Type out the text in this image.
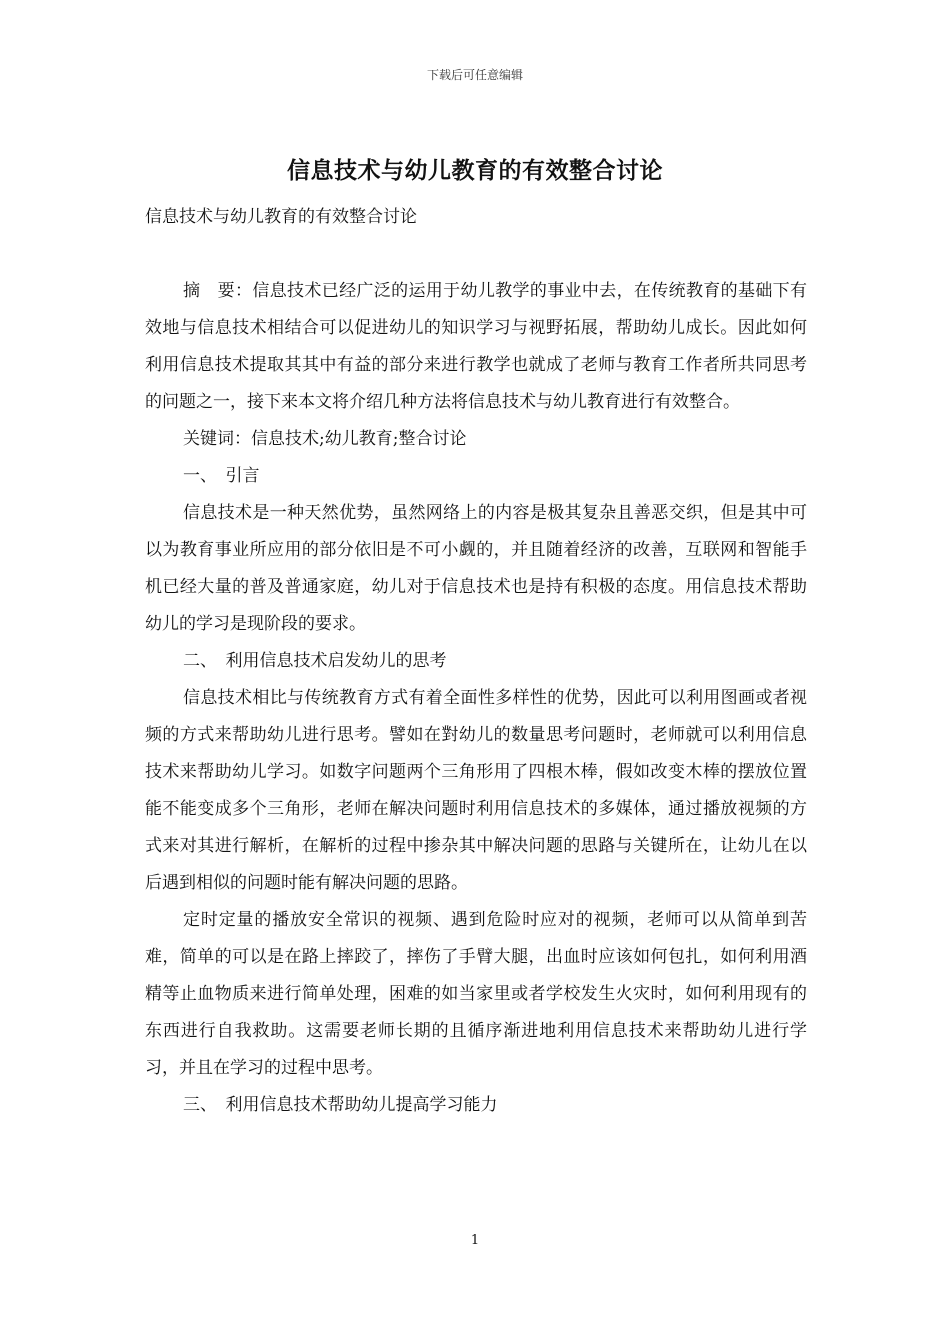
下载后可任意编辑
信息技术与幼儿教育的有效整合讨论

信息技术与幼儿教育的有效整合讨论

摘　要：信息技术已经广泛的运用于幼儿教学的事业中去，在传统教育的基础下有效地与信息技术相结合可以促进幼儿的知识学习与视野拓展，帮助幼儿成长。因此如何利用信息技术提取其其中有益的部分来进行教学也就成了老师与教育工作者所共同思考的问题之一，接下来本文将介绍几种方法将信息技术与幼儿教育进行有效整合。

关键词：信息技术;幼儿教育;整合讨论

一、　引言

信息技术是一种天然优势，虽然网络上的内容是极其复杂且善恶交织，但是其中可以为教育事业所应用的部分依旧是不可小觑的，并且随着经济的改善，互联网和智能手机已经大量的普及普通家庭，幼儿对于信息技术也是持有积极的态度。用信息技术帮助幼儿的学习是现阶段的要求。

二、　利用信息技术启发幼儿的思考

信息技术相比与传统教育方式有着全面性多样性的优势，因此可以利用图画或者视频的方式来帮助幼儿进行思考。譬如在對幼儿的数量思考问题时，老师就可以利用信息技术来帮助幼儿学习。如数字问题两个三角形用了四根木棒，假如改变木棒的摆放位置能不能变成多个三角形，老师在解决问题时利用信息技术的多媒体，通过播放视频的方式来对其进行解析，在解析的过程中掺杂其中解决问题的思路与关键所在，让幼儿在以后遇到相似的问题时能有解决问题的思路。

定时定量的播放安全常识的视频、遇到危险时应对的视频，老师可以从简单到苦难，简单的可以是在路上摔跤了，摔伤了手臂大腿，出血时应该如何包扎，如何利用酒精等止血物质来进行简单处理，困难的如当家里或者学校发生火灾时，如何利用现有的东西进行自我救助。这需要老师长期的且循序渐进地利用信息技术来帮助幼儿进行学习，并且在学习的过程中思考。

三、　利用信息技术帮助幼儿提高学习能力

1
